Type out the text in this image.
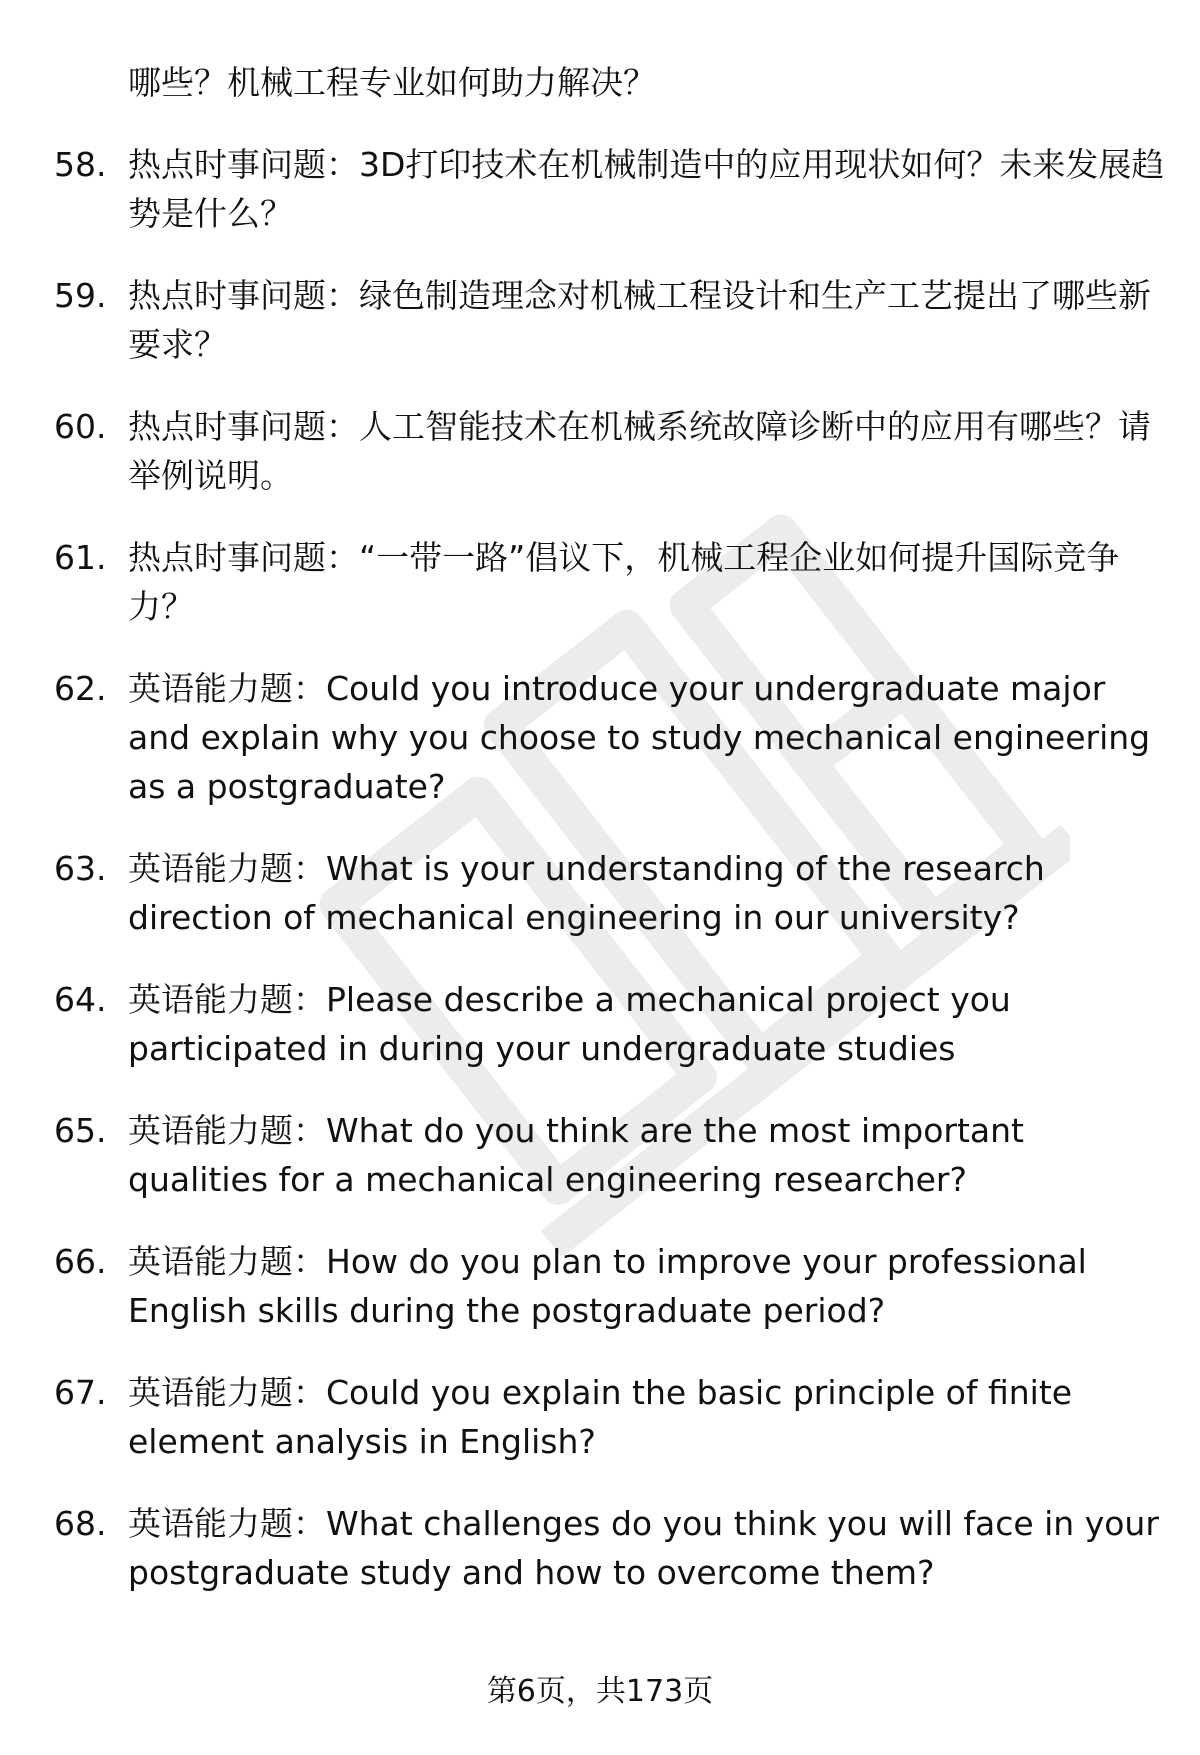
哪些？机械工程专业如何助力解决？
58. 热点时事问题：3D打印技术在机械制造中的应用现状如何？未来发展趋势是什么？
59. 热点时事问题：绿色制造理念对机械工程设计和生产工艺提出了哪些新要求？
60. 热点时事问题：人工智能技术在机械系统故障诊断中的应用有哪些？请举例说明。
61. 热点时事问题：“一带一路”倡议下，机械工程企业如何提升国际竞争力？
62. 英语能力题：Could you introduce your undergraduate major and explain why you choose to study mechanical engineering as a postgraduate?
63. 英语能力题：What is your understanding of the research direction of mechanical engineering in our university?
64. 英语能力题：Please describe a mechanical project you participated in during your undergraduate studies
65. 英语能力题：What do you think are the most important qualities for a mechanical engineering researcher?
66. 英语能力题：How do you plan to improve your professional English skills during the postgraduate period?
67. 英语能力题：Could you explain the basic principle of finite element analysis in English?
68. 英语能力题：What challenges do you think you will face in your postgraduate study and how to overcome them?
第6页，共173页
